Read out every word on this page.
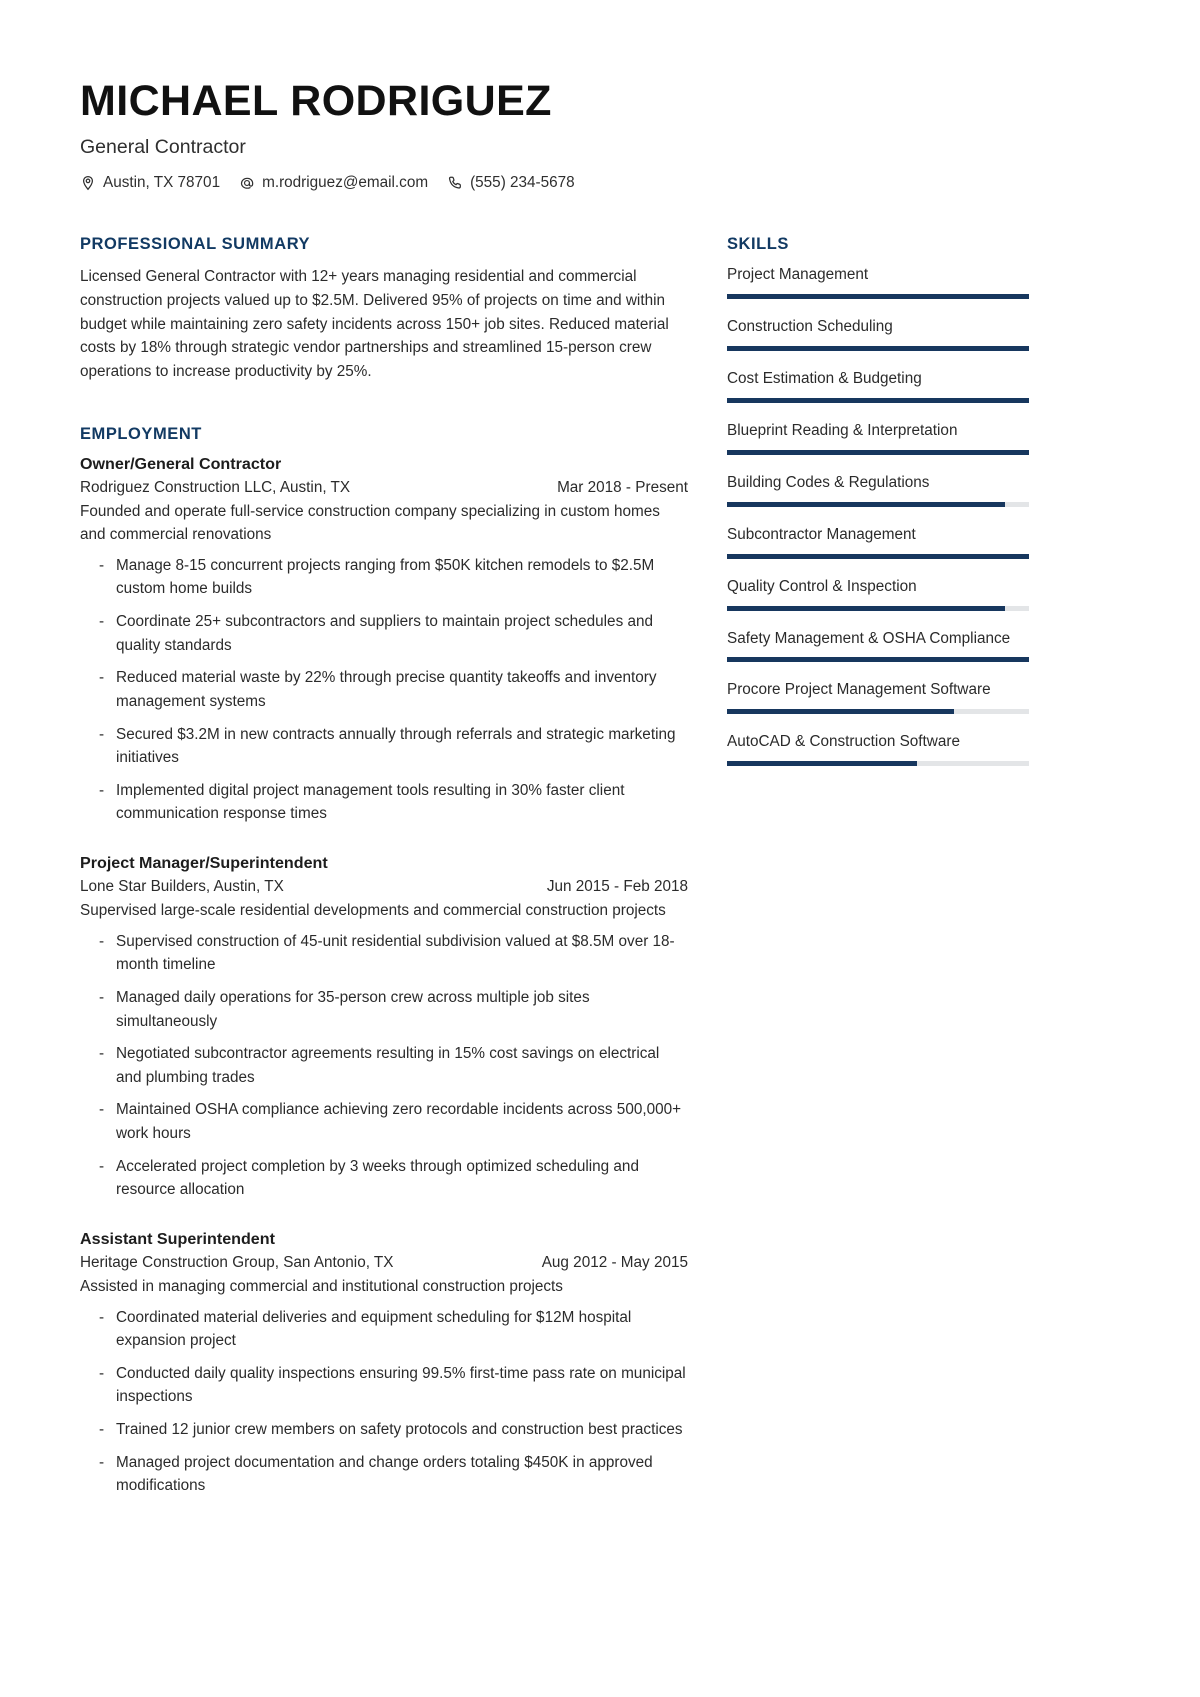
MICHAEL RODRIGUEZ
General Contractor
Austin, TX 78701	m.rodriguez@email.com	(555) 234-5678
PROFESSIONAL SUMMARY
Licensed General Contractor with 12+ years managing residential and commercial construction projects valued up to $2.5M. Delivered 95% of projects on time and within budget while maintaining zero safety incidents across 150+ job sites. Reduced material costs by 18% through strategic vendor partnerships and streamlined 15-person crew operations to increase productivity by 25%.
EMPLOYMENT
Owner/General Contractor
Rodriguez Construction LLC, Austin, TX	Mar 2018 - Present
Founded and operate full-service construction company specializing in custom homes and commercial renovations
- Manage 8-15 concurrent projects ranging from $50K kitchen remodels to $2.5M custom home builds
- Coordinate 25+ subcontractors and suppliers to maintain project schedules and quality standards
- Reduced material waste by 22% through precise quantity takeoffs and inventory management systems
- Secured $3.2M in new contracts annually through referrals and strategic marketing initiatives
- Implemented digital project management tools resulting in 30% faster client communication response times
Project Manager/Superintendent
Lone Star Builders, Austin, TX	Jun 2015 - Feb 2018
Supervised large-scale residential developments and commercial construction projects
- Supervised construction of 45-unit residential subdivision valued at $8.5M over 18-month timeline
- Managed daily operations for 35-person crew across multiple job sites simultaneously
- Negotiated subcontractor agreements resulting in 15% cost savings on electrical and plumbing trades
- Maintained OSHA compliance achieving zero recordable incidents across 500,000+ work hours
- Accelerated project completion by 3 weeks through optimized scheduling and resource allocation
Assistant Superintendent
Heritage Construction Group, San Antonio, TX	Aug 2012 - May 2015
Assisted in managing commercial and institutional construction projects
- Coordinated material deliveries and equipment scheduling for $12M hospital expansion project
- Conducted daily quality inspections ensuring 99.5% first-time pass rate on municipal inspections
- Trained 12 junior crew members on safety protocols and construction best practices
- Managed project documentation and change orders totaling $450K in approved modifications
SKILLS
Project Management
Construction Scheduling
Cost Estimation & Budgeting
Blueprint Reading & Interpretation
Building Codes & Regulations
Subcontractor Management
Quality Control & Inspection
Safety Management & OSHA Compliance
Procore Project Management Software
AutoCAD & Construction Software
